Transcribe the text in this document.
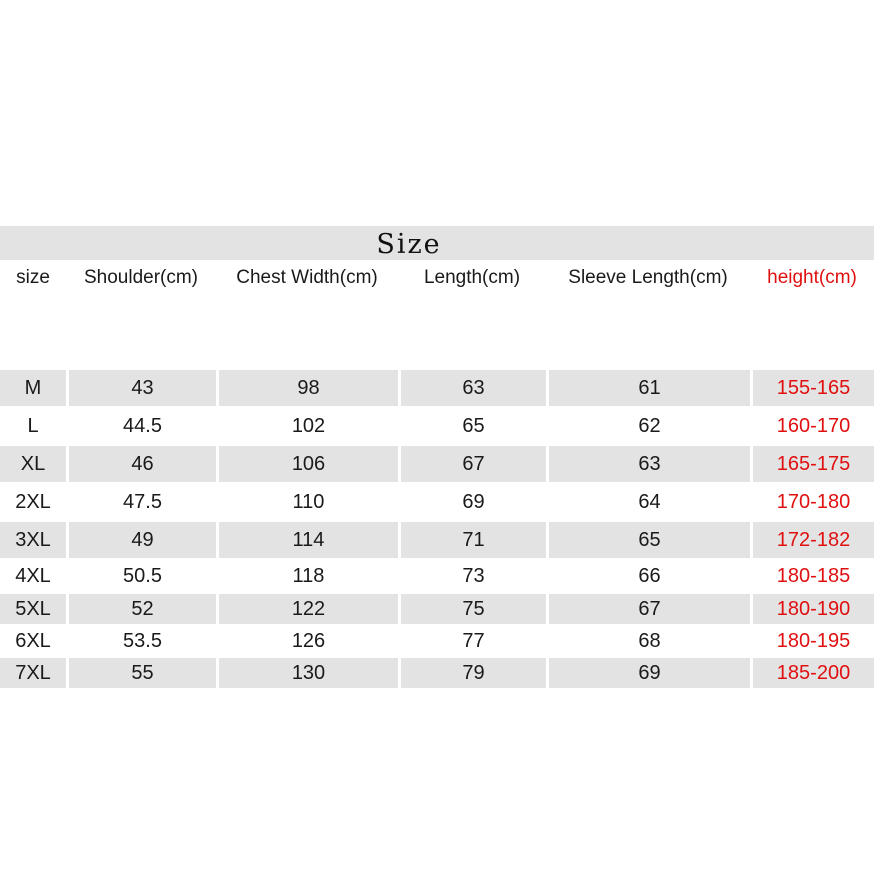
Size
size	Shoulder(cm)	Chest Width(cm)	Length(cm)	Sleeve Length(cm)	height(cm)
M	43	98	63	61	155-165
L	44.5	102	65	62	160-170
XL	46	106	67	63	165-175
2XL	47.5	110	69	64	170-180
3XL	49	114	71	65	172-182
4XL	50.5	118	73	66	180-185
5XL	52	122	75	67	180-190
6XL	53.5	126	77	68	180-195
7XL	55	130	79	69	185-200
